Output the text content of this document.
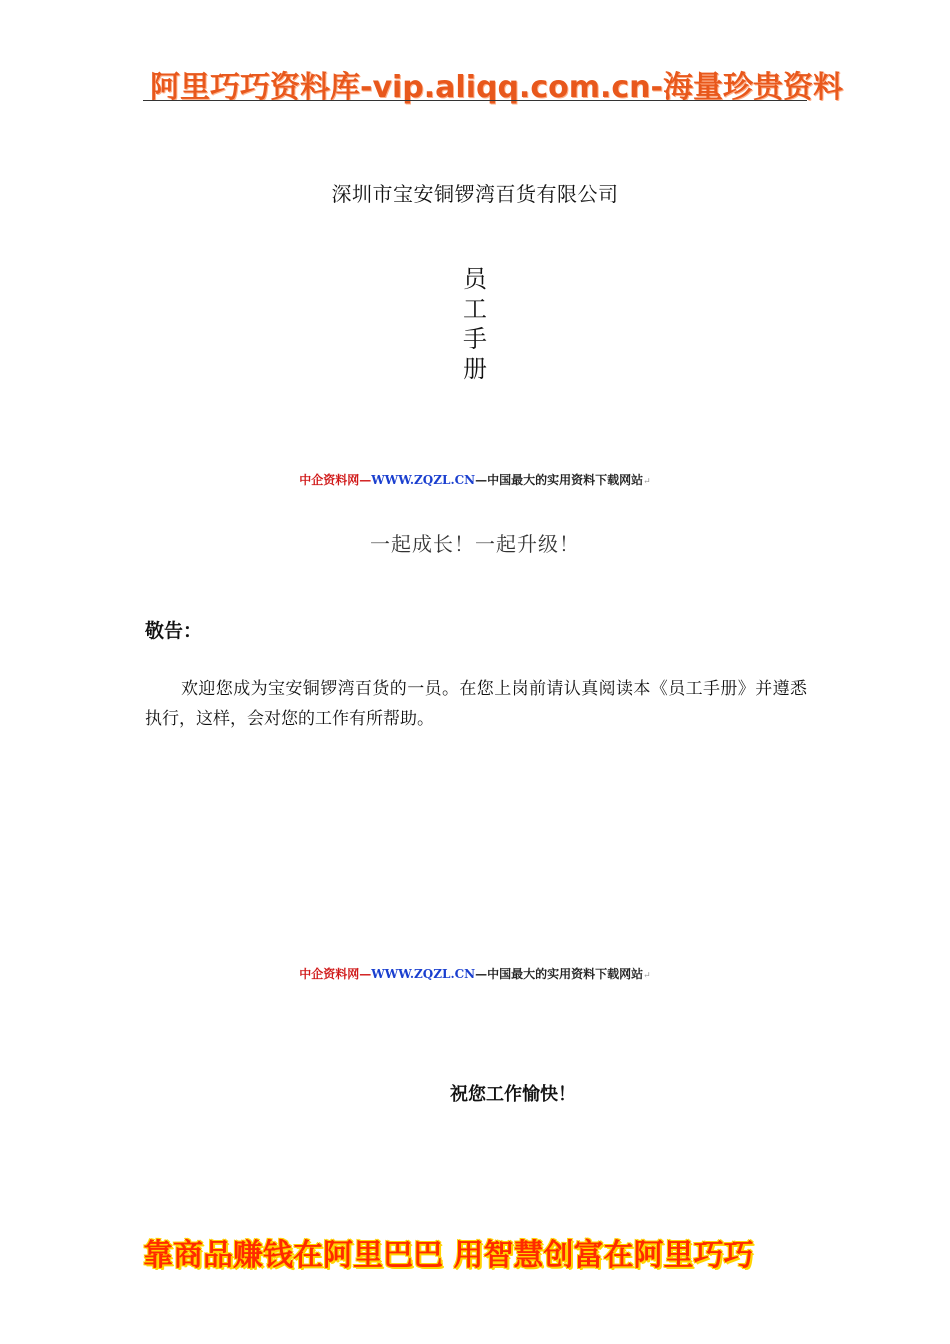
阿里巧巧资料库-vip.aliqq.com.cn-海量珍贵资料
深圳市宝安铜锣湾百货有限公司
员
工
手
册
中企资料网—WWW.ZQZL.CN—中国最大的实用资料下载网站↵
一起成长！一起升级！
敬告：
欢迎您成为宝安铜锣湾百货的一员。在您上岗前请认真阅读本《员工手册》并遵悉执行，这样，会对您的工作有所帮助。
中企资料网—WWW.ZQZL.CN—中国最大的实用资料下载网站↵
祝您工作愉快！
靠商品赚钱在阿里巴巴 用智慧创富在阿里巧巧
